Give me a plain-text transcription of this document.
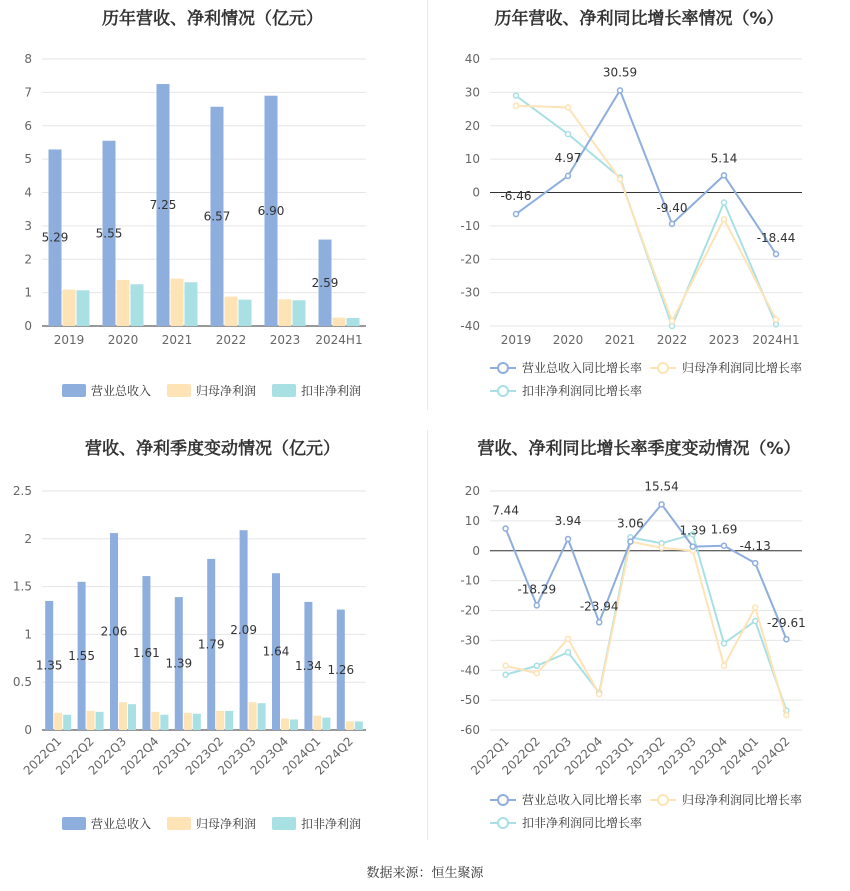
历年营收、净利情况（亿元）
0
1
2
3
4
5
6
7
8
5.29
2019
5.55
2020
7.25
2021
6.57
2022
6.90
2023
2.59
2024H1
营业总收入	归母净利润	扣非净利润
历年营收、净利同比增长率情况（%）
-40
-30
-20
-10
0
10
20
30
40
2019 2020 2021 2022 2023 2024H1
-6.46
4.97
30.59
-9.40
5.14
-18.44
营业总收入同比增长率	归母净利润同比增长率
扣非净利润同比增长率
营收、净利季度变动情况（亿元）
0
0.5
1
1.5
2
2.5
1.35
2022Q1
1.55
2022Q2
2.06
2022Q3
1.61
2022Q4
1.39
2023Q1
1.79
2023Q2
2.09
2023Q3
1.64
2023Q4
1.34
2024Q1
1.26
2024Q2
营业总收入	归母净利润	扣非净利润
营收、净利同比增长率季度变动情况（%）
-60
-50
-40
-30
-20
-10
0
10
20
2022Q1
2022Q2
2022Q3
2022Q4
2023Q1
2023Q2
2023Q3
2023Q4
2024Q1
2024Q2
7.44
-18.29
3.94
-23.94
3.06
15.54
1.39 1.69
-4.13
-29.61
营业总收入同比增长率	归母净利润同比增长率
扣非净利润同比增长率
数据来源：恒生聚源
